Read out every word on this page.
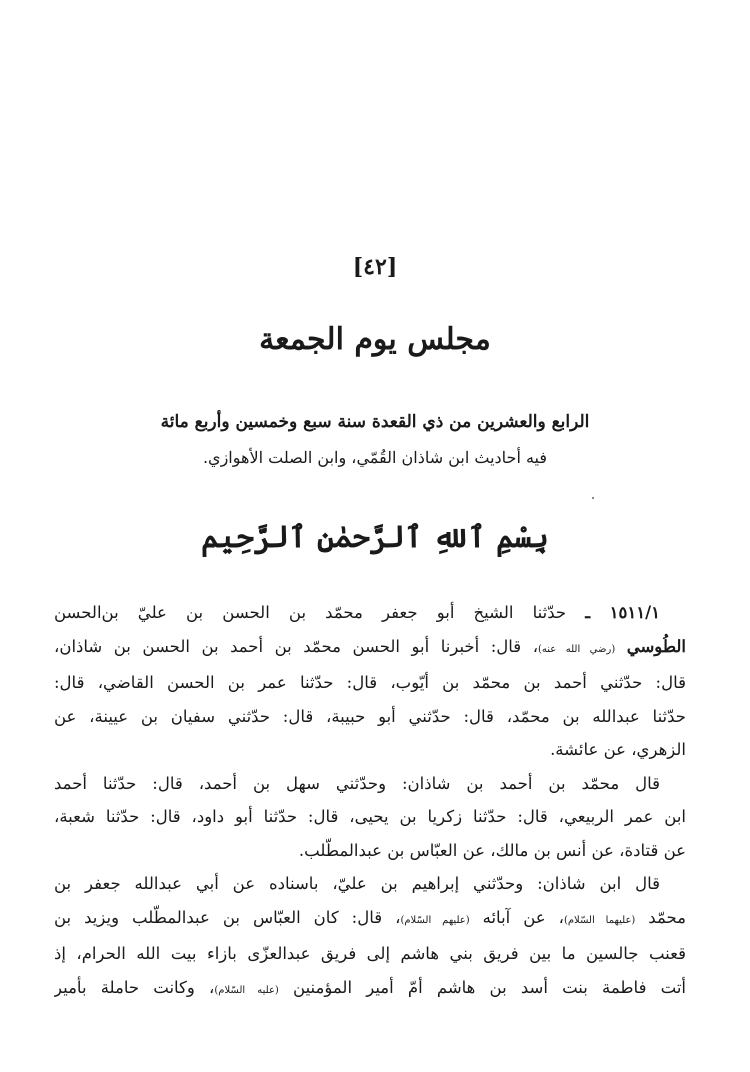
[٤٢]
مجلس يوم الجمعة
الرابع والعشرين من ذي القعدة سنة سبع وخمسين وأربع مائة
فيه أحاديث ابن شاذان القُمّي، وابن الصلت الأهوازي.
بِسْمِ ٱللهِ ٱلرَّحمٰنِ ٱلرَّحِيم
١٥١١/١ ـ حدّثنا الشيخ أبو جعفر محمّد بن الحسن بن عليّ بن‌الحسن
الطُوسي (رضي الله عنه)، قال: أخبرنا أبو الحسن محمّد بن أحمد بن الحسن بن شاذان،
قال: حدّثني أحمد بن محمّد بن أيّوب، قال: حدّثنا عمر بن الحسن القاضي، قال:
حدّثنا عبدالله بن محمّد، قال: حدّثني أبو حبيبة، قال: حدّثني سفيان بن عيينة، عن
الزهري، عن عائشة.
قال محمّد بن أحمد بن شاذان: وحدّثني سهل بن أحمد، قال: حدّثنا أحمد
ابن عمر الربيعي، قال: حدّثنا زكريا بن يحيى، قال: حدّثنا أبو داود، قال: حدّثنا شعبة،
عن قتادة، عن أنس بن مالك، عن العبّاس بن عبدالمطّلب.
قال ابن شاذان: وحدّثني إبراهيم بن عليّ، باسناده عن أبي عبدالله جعفر بن
محمّد (عليهما السّلام)، عن آبائه (عليهم السّلام)، قال: كان العبّاس بن عبدالمطّلب ويزيد بن
قعنب جالسين ما بين فريق بني هاشم إلى فريق عبدالعزّى بازاء بيت الله الحرام، إذ
أتت فاطمة بنت أسد بن هاشم أمّ أمير المؤمنين (عليه السّلام)، وكانت حاملة بأمير
